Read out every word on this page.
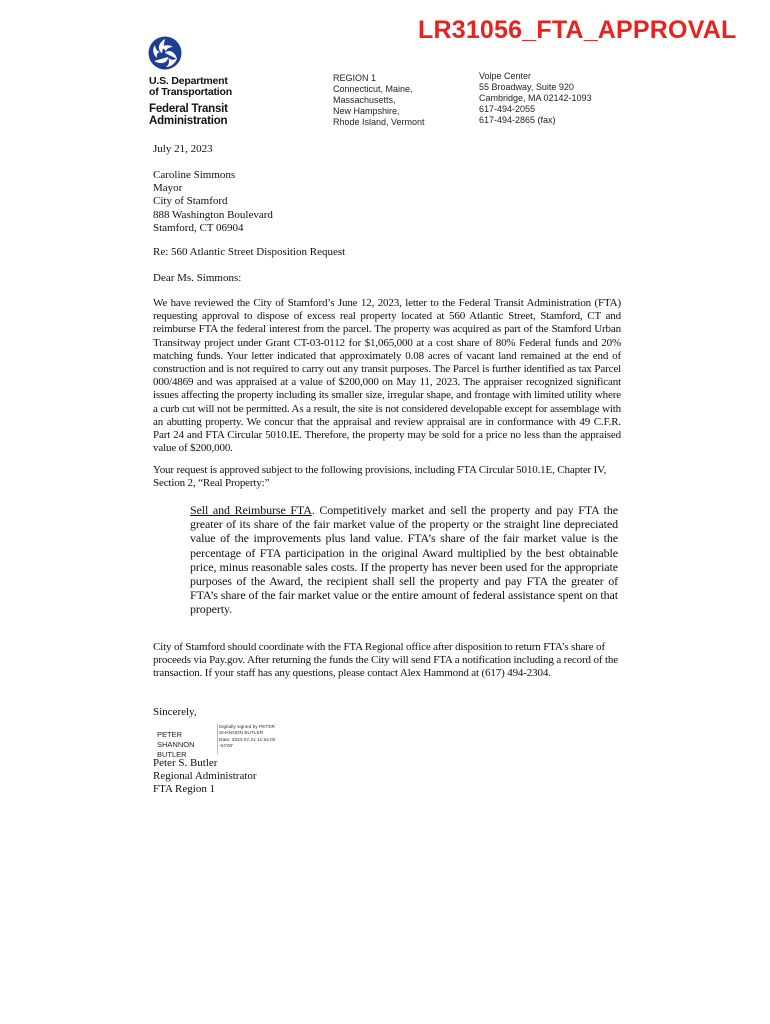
LR31056_FTA_APPROVAL
U.S. Department
of Transportation
Federal Transit
Administration
REGION 1
Connecticut, Maine,
Massachusetts,
New Hampshire,
Rhode Island, Vermont
Volpe Center
55 Broadway, Suite 920
Cambridge, MA 02142-1093
617-494-2055
617-494-2865 (fax)
July 21, 2023
Caroline Simmons
Mayor
City of Stamford
888 Washington Boulevard
Stamford, CT 06904
Re: 560 Atlantic Street Disposition Request
Dear Ms. Simmons:
We have reviewed the City of Stamford’s June 12, 2023, letter to the Federal Transit Administration (FTA) requesting approval to dispose of excess real property located at 560 Atlantic Street, Stamford, CT and reimburse FTA the federal interest from the parcel. The property was acquired as part of the Stamford Urban Transitway project under Grant CT-03-0112 for $1,065,000 at a cost share of 80% Federal funds and 20% matching funds. Your letter indicated that approximately 0.08 acres of vacant land remained at the end of construction and is not required to carry out any transit purposes. The Parcel is further identified as tax Parcel 000/4869 and was appraised at a value of $200,000 on May 11, 2023. The appraiser recognized significant issues affecting the property including its smaller size, irregular shape, and frontage with limited utility where a curb cut will not be permitted. As a result, the site is not considered developable except for assemblage with an abutting property. We concur that the appraisal and review appraisal are in conformance with 49 C.F.R. Part 24 and FTA Circular 5010.IE. Therefore, the property may be sold for a price no less than the appraised value of $200,000.
Your request is approved subject to the following provisions, including FTA Circular 5010.1E, Chapter IV, Section 2, “Real Property:”
Sell and Reimburse FTA. Competitively market and sell the property and pay FTA the greater of its share of the fair market value of the property or the straight line depreciated value of the improvements plus land value. FTA’s share of the fair market value is the percentage of FTA participation in the original Award multiplied by the best obtainable price, minus reasonable sales costs. If the property has never been used for the appropriate purposes of the Award, the recipient shall sell the property and pay FTA the greater of FTA’s share of the fair market value or the entire amount of federal assistance spent on that property.
City of Stamford should coordinate with the FTA Regional office after disposition to return FTA’s share of proceeds via Pay.gov. After returning the funds the City will send FTA a notification including a record of the transaction. If your staff has any questions, please contact Alex Hammond at (617) 494-2304.
Sincerely,
PETER SHANNON BUTLER
Digitally signed by PETER
SHANNON BUTLER
Date: 2023.07.21 11:54:00
-04'00'
Peter S. Butler
Regional Administrator
FTA Region 1
